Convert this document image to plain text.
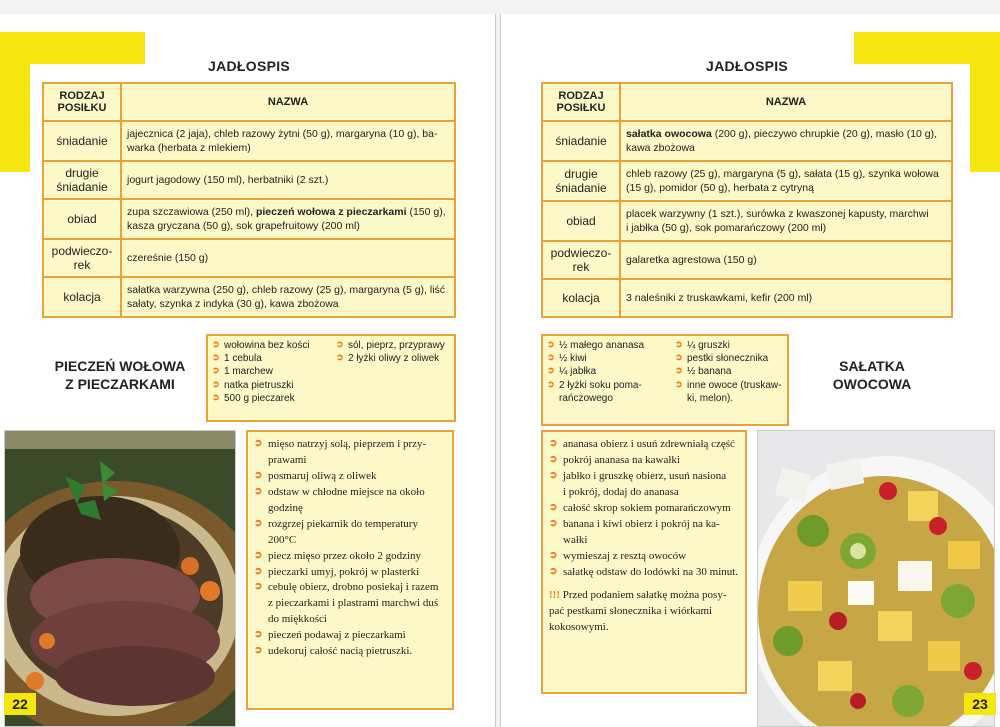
JADŁOSPIS
RODZAJ POSIŁKU	NAZWA
śniadanie	jajecznica (2 jaja), chleb razowy żytni (50 g), margaryna (10 g), ba-
warka (herbata z mlekiem)

drugie śniadanie	jogurt jagodowy (150 ml), herbatniki (2 szt.)
obiad	zupa szczawiowa (250 ml), pieczeń wołowa z pieczarkami (150 g),
kasza gryczana (50 g), sok grapefruitowy (200 ml)

podwieczo-rek	czereśnie (150 g)
kolacja	sałatka warzywna (250 g), chleb razowy (25 g), margaryna (5 g), liść
sałaty, szynka z indyka (30 g), kawa zbożowa
PIECZEŃ WOŁOWA
Z PIECZARKAMI
➲ wołowina bez kości
➲ 1 cebula
➲ 1 marchew
➲ natka pietruszki
➲ 500 g pieczarek
➲ sól, pieprz, przyprawy
➲ 2 łyżki oliwy z oliwek
➲ mięso natrzyj solą, pieprzem i przy-
prawami
➲ posmaruj oliwą z oliwek
➲ odstaw w chłodne miejsce na około
godzinę
➲ rozgrzej piekarnik do temperatury
200°C
➲ piecz mięso przez około 2 godziny
➲ pieczarki umyj, pokrój w plasterki
➲ cebulę obierz, drobno posiekaj i razem
z pieczarkami i plastrami marchwi duś
do miękkości
➲ pieczeń podawaj z pieczarkami
➲ udekoruj całość nacią pietruszki.
22
JADŁOSPIS
RODZAJ POSIŁKU	NAZWA
śniadanie	sałatka owocowa (200 g), pieczywo chrupkie (20 g), masło (10 g),
kawa zbożowa

drugie śniadanie	chleb razowy (25 g), margaryna (5 g), sałata (15 g), szynka wołowa
(15 g), pomidor (50 g), herbata z cytryną

obiad	placek warzywny (1 szt.), surówka z kwaszonej kapusty, marchwi
i jabłka (50 g), sok pomarańczowy (200 ml)

podwieczo-rek	galaretka agrestowa (150 g)
kolacja	3 naleśniki z truskawkami, kefir (200 ml)
➲ ½ małego ananasa
➲ ½ kiwi
➲ ¼ jabłka
➲ 2 łyżki soku poma-
rańczowego
➲ ¼ gruszki
➲ pestki słonecznika
➲ ½ banana
➲ inne owoce (truskaw-
ki, melon).
SAŁATKA
OWOCOWA
➲ ananasa obierz i usuń zdrewniałą część
➲ pokrój ananasa na kawałki
➲ jabłko i gruszkę obierz, usuń nasiona
i pokrój, dodaj do ananasa
➲ całość skrop sokiem pomarańczowym
➲ banana i kiwi obierz i pokrój na ka-
wałki
➲ wymieszaj z resztą owoców
➲ sałatkę odstaw do lodówki na 30 minut.
!!! Przed podaniem sałatkę można posy-
pać pestkami słonecznika i wiórkami
kokosowymi.
23
